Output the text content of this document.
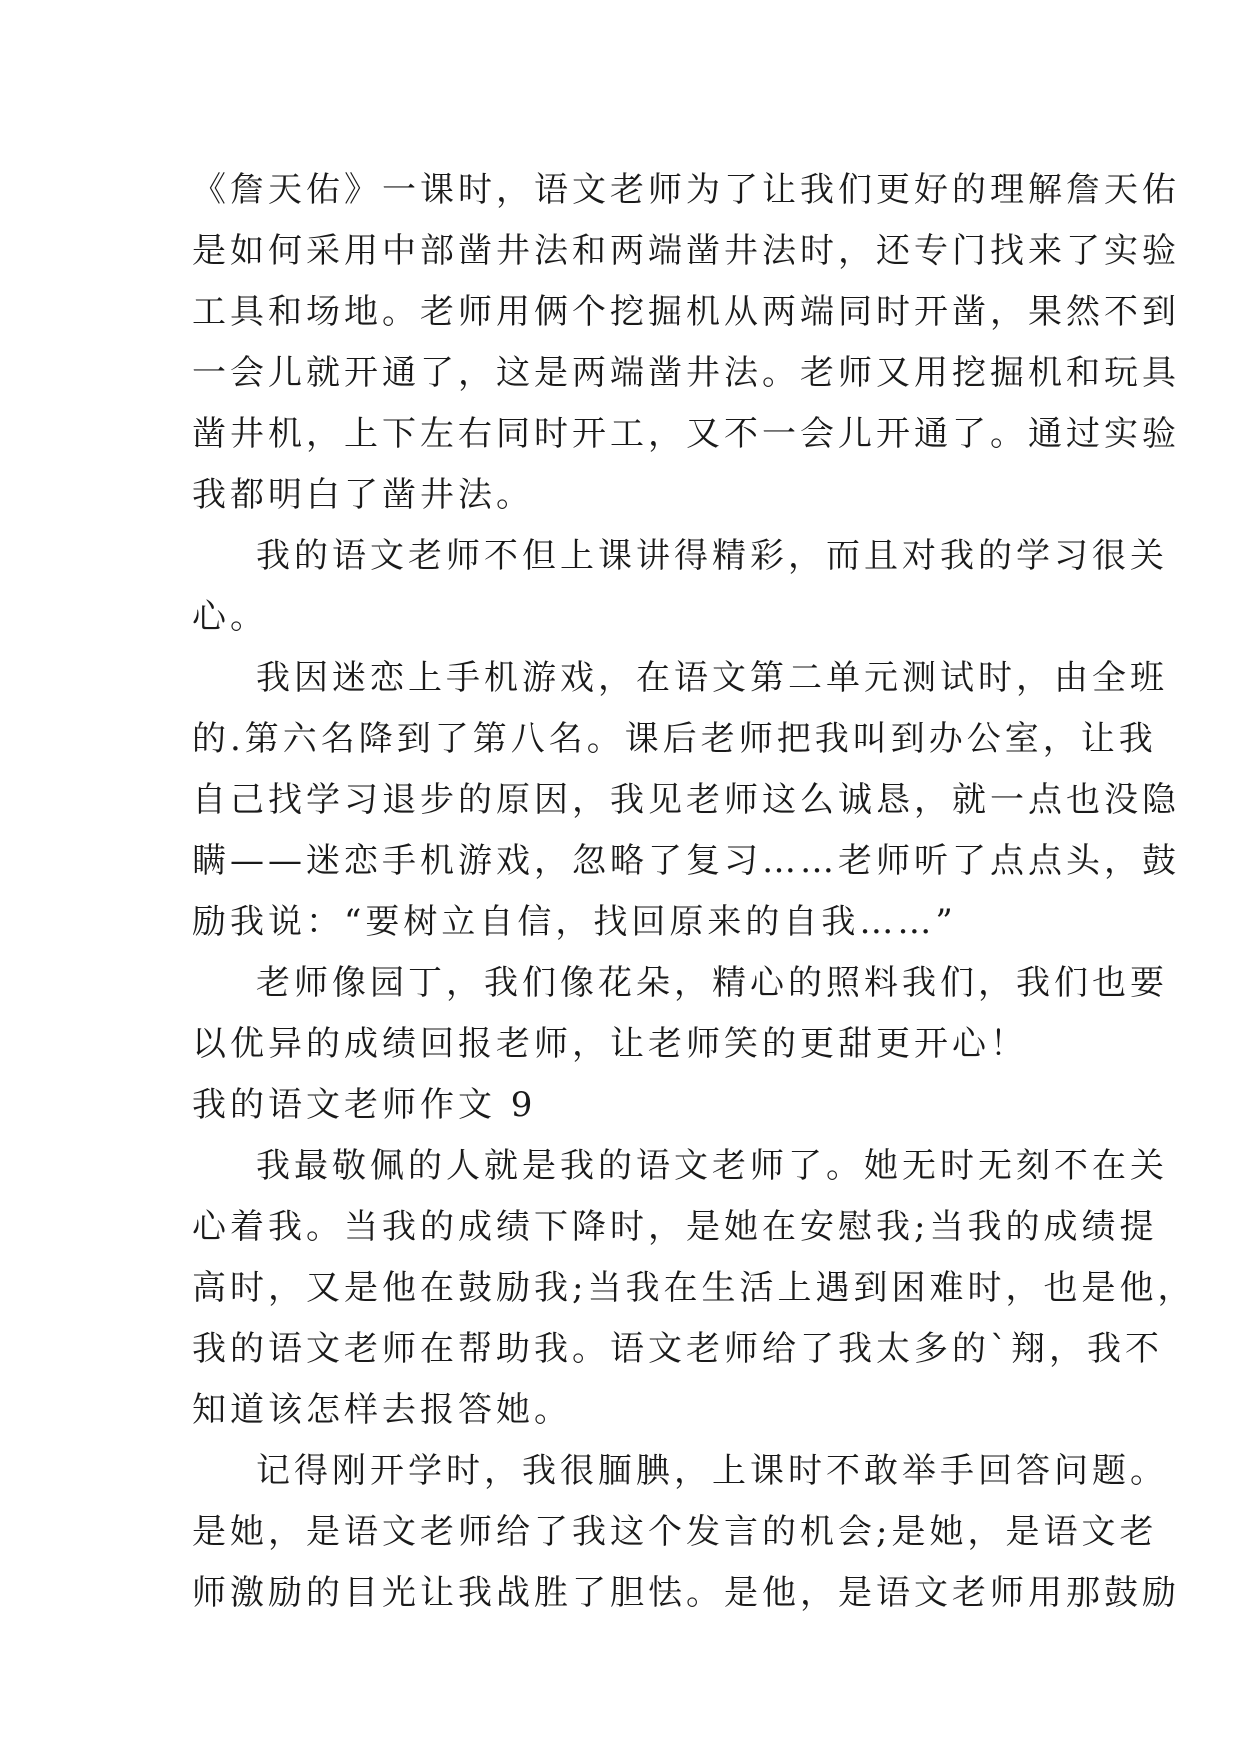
《詹天佑》一课时，语文老师为了让我们更好的理解詹天佑
是如何采用中部凿井法和两端凿井法时，还专门找来了实验
工具和场地。老师用俩个挖掘机从两端同时开凿，果然不到
一会儿就开通了，这是两端凿井法。老师又用挖掘机和玩具
凿井机，上下左右同时开工，又不一会儿开通了。通过实验
我都明白了凿井法。
我的语文老师不但上课讲得精彩，而且对我的学习很关
心。
我因迷恋上手机游戏，在语文第二单元测试时，由全班
的.第六名降到了第八名。课后老师把我叫到办公室，让我
自己找学习退步的原因，我见老师这么诚恳，就一点也没隐
瞒——迷恋手机游戏，忽略了复习……老师听了点点头，鼓
励我说：“要树立自信，找回原来的自我……”
老师像园丁，我们像花朵，精心的照料我们，我们也要
以优异的成绩回报老师，让老师笑的更甜更开心！
我的语文老师作文 9
我最敬佩的人就是我的语文老师了。她无时无刻不在关
心着我。当我的成绩下降时，是她在安慰我;当我的成绩提
高时，又是他在鼓励我;当我在生活上遇到困难时，也是他，
我的语文老师在帮助我。语文老师给了我太多的`翔，我不
知道该怎样去报答她。
记得刚开学时，我很腼腆，上课时不敢举手回答问题。
是她，是语文老师给了我这个发言的机会;是她，是语文老
师激励的目光让我战胜了胆怯。是他，是语文老师用那鼓励
